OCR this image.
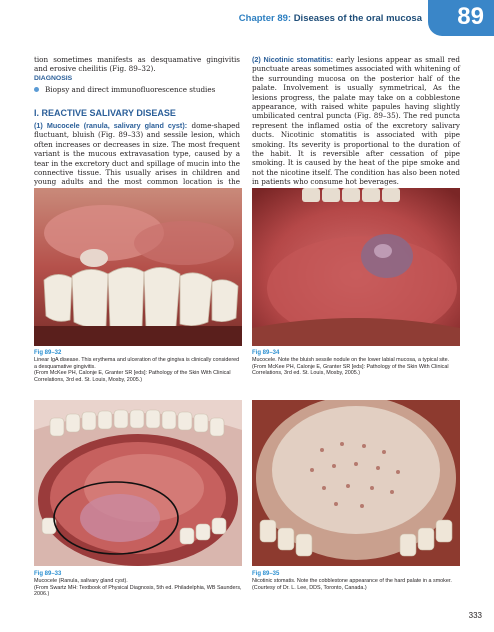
Chapter 89: Diseases of the oral mucosa 89

tion sometimes manifests as desquamative gingivitis and erosive cheilitis (Fig. 89–32).

DIAGNOSIS

Biopsy and direct immunofluorescence studies
I. REACTIVE SALIVARY DISEASE

(1) Mucocele (ranula, salivary gland cyst): dome-shaped fluctuant, bluish (Fig. 89–33) and sessile lesion, which often increases or decreases in size. The most frequent variant is the mucous extravasation type, caused by a tear in the excretory duct and spillage of mucin into the connective tissue. This usually arises in children and young adults and the most common location is the

(2) Nicotinic stomatitis: early lesions appear as small red punctuate areas sometimes associated with whitening of the surrounding mucosa on the posterior half of the palate. Involvement is usually symmetrical, As the lesions progress, the palate may take on a cobblestone appearance, with raised white papules having slightly umbilicated central puncta (Fig. 89–35). The red puncta represent the inflamed ostia of the excretory salivary ducts. Nicotinic stomatitis is associated with pipe smoking. Its severity is proportional to the duration of the habit. It is reversible after cessation of pipe smoking. It is caused by the heat of the pipe smoke and not the nicotine itself. The condition has also been noted in patients who consume hot beverages.

Fig 89–32
Linear IgA disease. This erythema and ulceration of the gingiva is clinically considered a desquamative gingivitis.
(From McKee PH, Calonje E, Granter SR [eds]: Pathology of the Skin With Clinical Correlations, 3rd ed. St. Louis, Mosby, 2005.)
Fig 89–34
Mucocele. Note the bluish sessile nodule on the lower labial mucosa, a typical site.
(From McKee PH, Calonje E, Granter SR [eds]: Pathology of the Skin With Clinical Correlations, 3rd ed. St. Louis, Mosby, 2005.)
Fig 89–33
Mucocele (Ranula, salivary gland cyst).
(From Swartz MH: Textbook of Physical Diagnosis, 5th ed. Philadelphia, WB Saunders, 2006.)
Fig 89–35
Nicotinic stomatis. Note the cobblestone appearance of the hard palate in a smoker.
(Courtesy of Dr. L. Lee, DDS, Toronto, Canada.)
333
